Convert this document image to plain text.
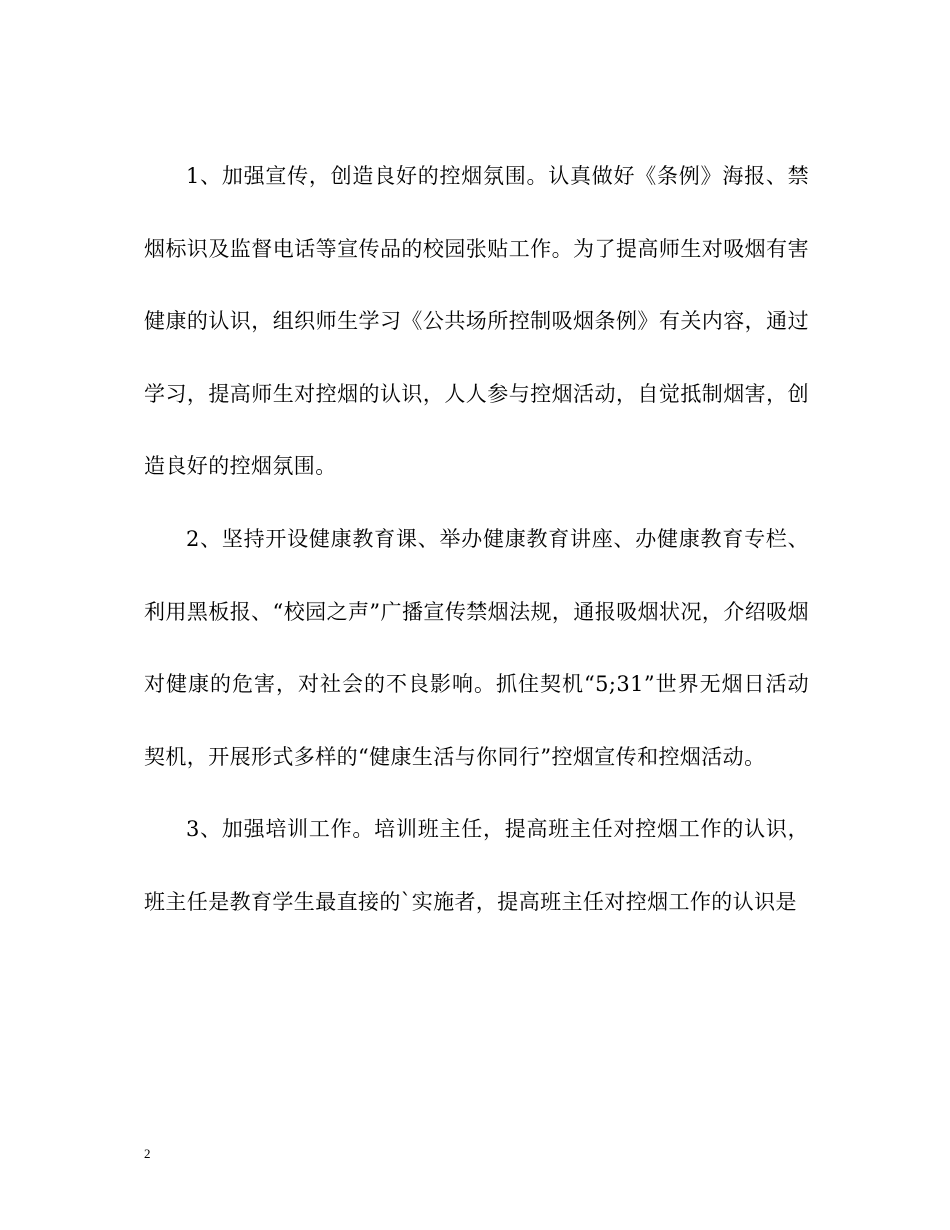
1、加强宣传，创造良好的控烟氛围。认真做好《条例》海报、禁烟标识及监督电话等宣传品的校园张贴工作。为了提高师生对吸烟有害健康的认识，组织师生学习《公共场所控制吸烟条例》有关内容，通过学习，提高师生对控烟的认识，人人参与控烟活动，自觉抵制烟害，创造良好的控烟氛围。

2、坚持开设健康教育课、举办健康教育讲座、办健康教育专栏、利用黑板报、“校园之声”广播宣传禁烟法规，通报吸烟状况，介绍吸烟对健康的危害，对社会的不良影响。抓住契机“5;31”世界无烟日活动契机，开展形式多样的“健康生活与你同行”控烟宣传和控烟活动。

3、加强培训工作。培训班主任，提高班主任对控烟工作的认识，班主任是教育学生最直接的`实施者，提高班主任对控烟工作的认识是

2
